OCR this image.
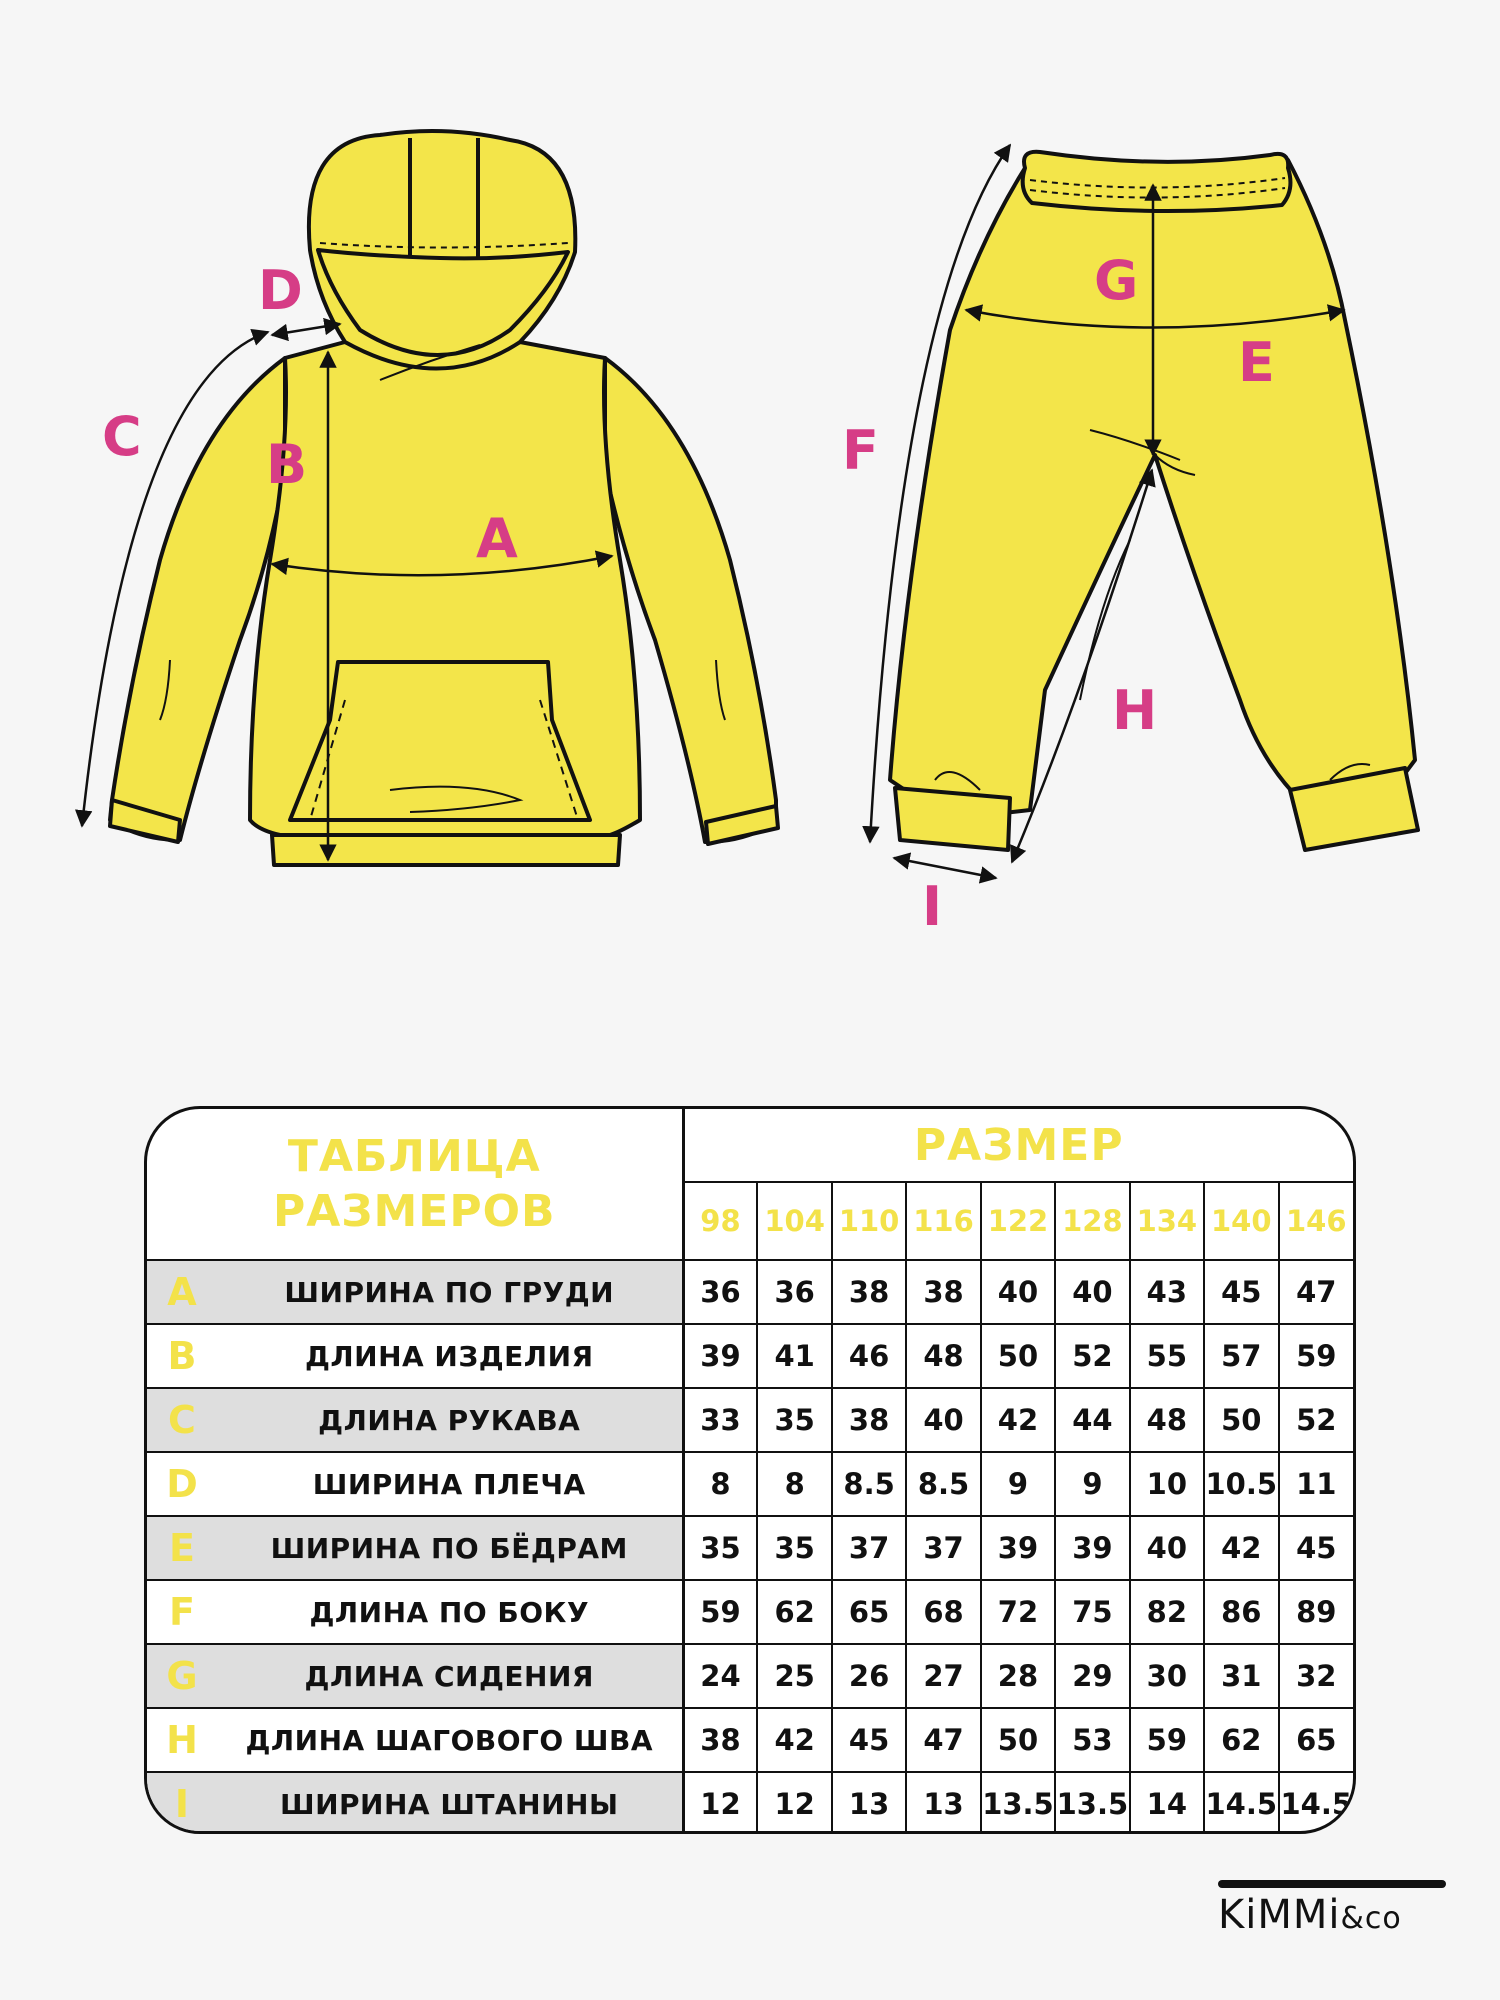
D
C B
A
G
E
F
H
I
ТАБЛИЦА
РАЗМЕРОВ		РАЗМЕР								
		98	104	110	116	122	128	134	140	146
A	ШИРИНА ПО ГРУДИ	36	36	38	38	40	40	43	45	47
B	ДЛИНА ИЗДЕЛИЯ	39	41	46	48	50	52	55	57	59
C	ДЛИНА РУКАВА	33	35	38	40	42	44	48	50	52
D	ШИРИНА ПЛЕЧА	8	8	8.5	8.5	9	9	10	10.5	11
E	ШИРИНА ПО БЁДРАМ	35	35	37	37	39	39	40	42	45
F	ДЛИНА ПО БОКУ	59	62	65	68	72	75	82	86	89
G	ДЛИНА СИДЕНИЯ	24	25	26	27	28	29	30	31	32
H	ДЛИНА ШАГОВОГО ШВА	38	42	45	47	50	53	59	62	65
I	ШИРИНА ШТАНИНЫ	12	12	13	13	13.5	13.5	14	14.5	14.5
KiMMi&co
